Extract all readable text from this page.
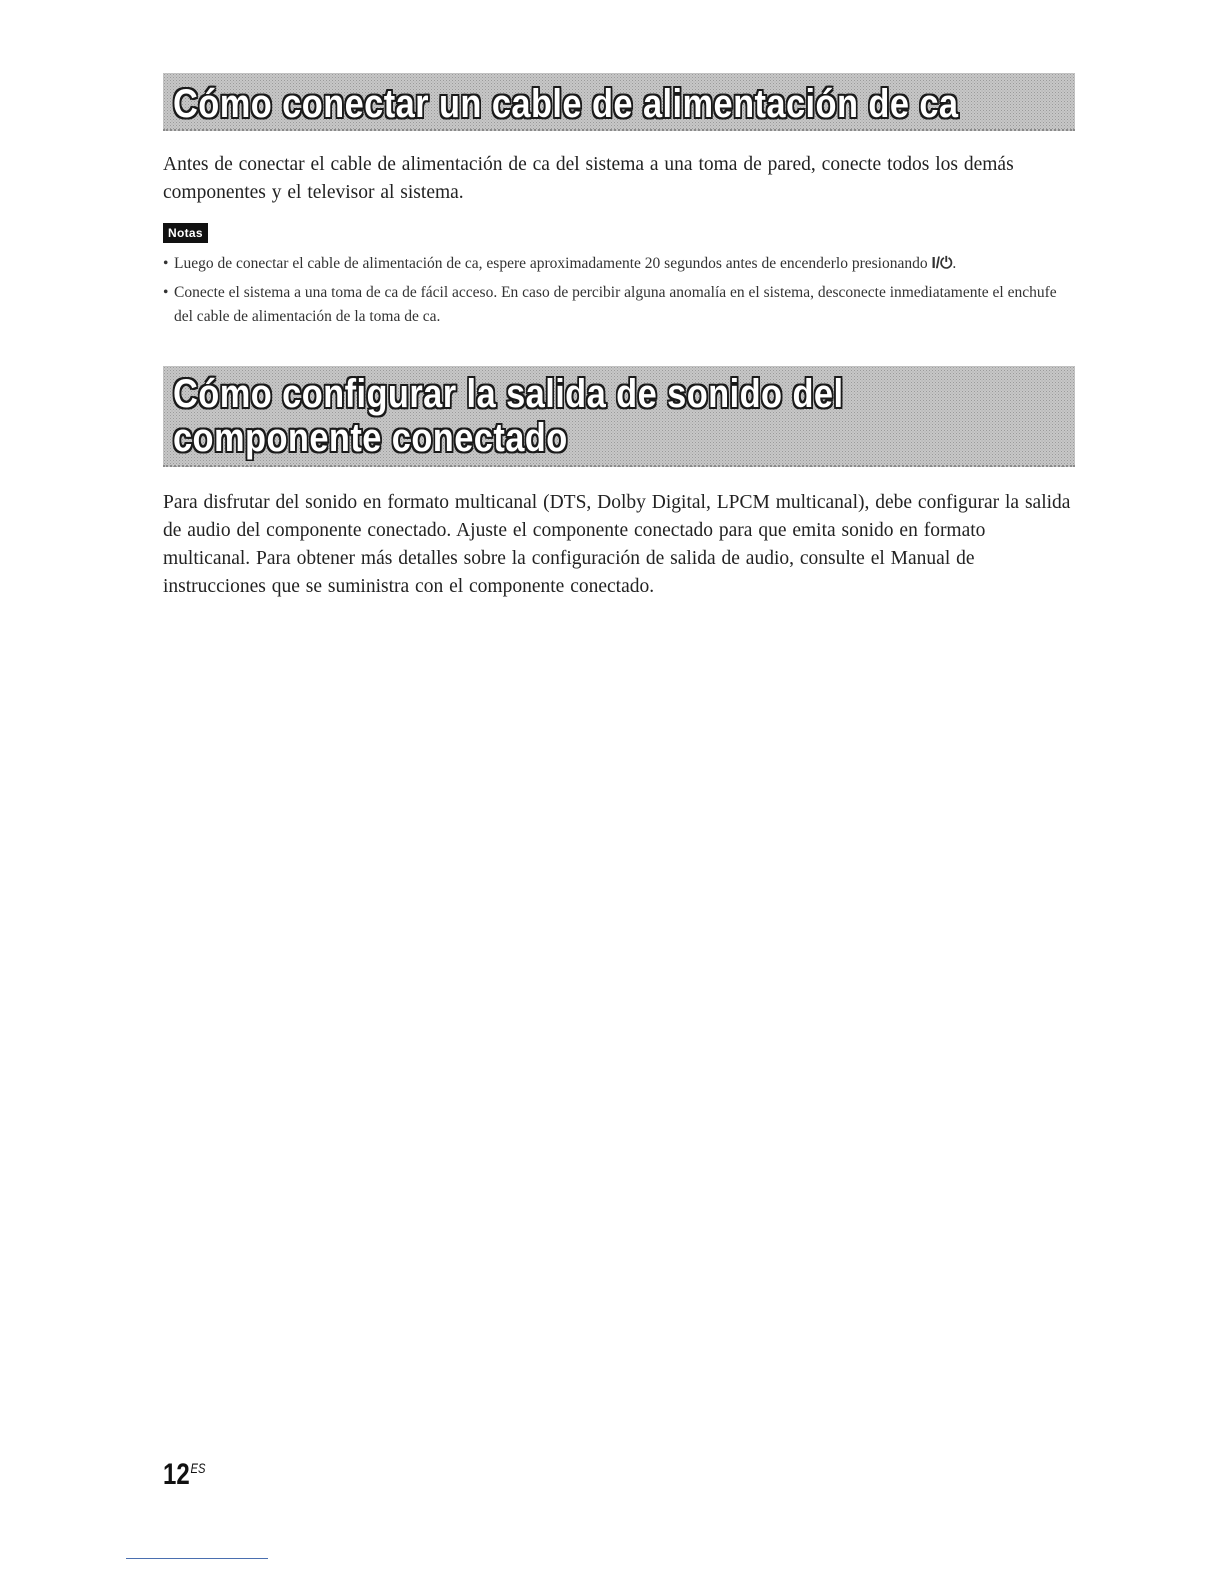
Cómo conectar un cable de alimentación de ca

Antes de conectar el cable de alimentación de ca del sistema a una toma de pared, conecte todos los demás componentes y el televisor al sistema.

Notas
• Luego de conectar el cable de alimentación de ca, espere aproximadamente 20 segundos antes de encenderlo presionando I/⏻.
• Conecte el sistema a una toma de ca de fácil acceso. En caso de percibir alguna anomalía en el sistema, desconecte inmediatamente el enchufe del cable de alimentación de la toma de ca.
Cómo configurar la salida de sonido del componente conectado

Para disfrutar del sonido en formato multicanal (DTS, Dolby Digital, LPCM multicanal), debe configurar la salida de audio del componente conectado. Ajuste el componente conectado para que emita sonido en formato multicanal. Para obtener más detalles sobre la configuración de salida de audio, consulte el Manual de instrucciones que se suministra con el componente conectado.

$12^{ES}$
